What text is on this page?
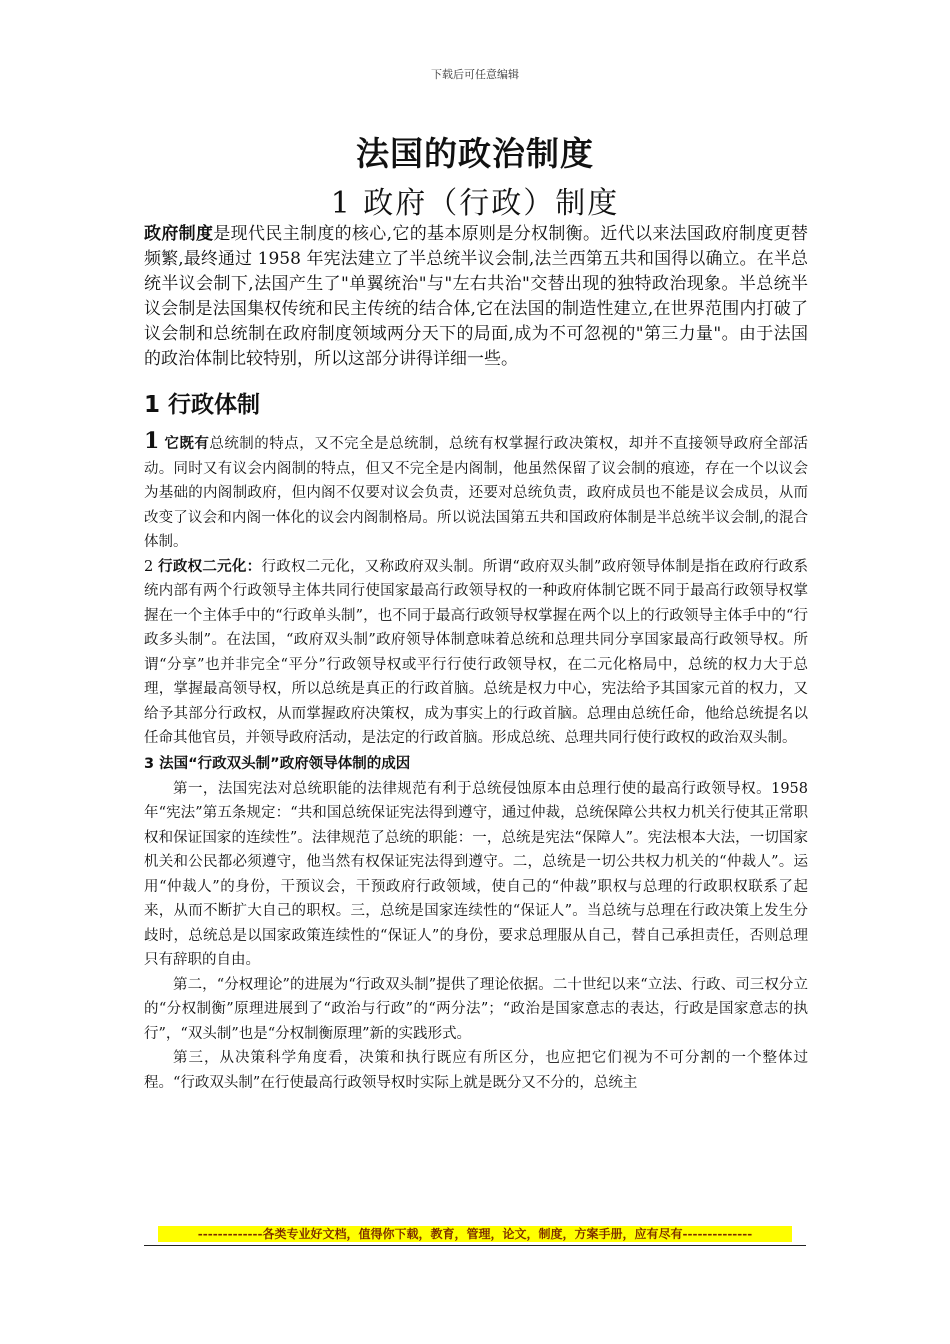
下载后可任意编辑
法国的政治制度
1 政府（行政）制度

政府制度是现代民主制度的核心,它的基本原则是分权制衡。近代以来法国政府制度更替频繁,最终通过 1958 年宪法建立了半总统半议会制,法兰西第五共和国得以确立。在半总统半议会制下,法国产生了"单翼统治"与"左右共治"交替出现的独特政治现象。半总统半议会制是法国集权传统和民主传统的结合体,它在法国的制造性建立,在世界范围内打破了议会制和总统制在政府制度领域两分天下的局面,成为不可忽视的"第三力量"。由于法国的政治体制比较特别，所以这部分讲得详细一些。

1 行政体制

1 它既有总统制的特点，又不完全是总统制，总统有权掌握行政决策权，却并不直接领导政府全部活动。同时又有议会内阁制的特点，但又不完全是内阁制，他虽然保留了议会制的痕迹，存在一个以议会为基础的内阁制政府，但内阁不仅要对议会负责，还要对总统负责，政府成员也不能是议会成员，从而改变了议会和内阁一体化的议会内阁制格局。所以说法国第五共和国政府体制是半总统半议会制,的混合体制。

2 行政权二元化：行政权二元化，又称政府双头制。所谓“政府双头制”政府领导体制是指在政府行政系统内部有两个行政领导主体共同行使国家最高行政领导权的一种政府体制它既不同于最高行政领导权掌握在一个主体手中的“行政单头制”，也不同于最高行政领导权掌握在两个以上的行政领导主体手中的“行政多头制”。在法国，“政府双头制”政府领导体制意味着总统和总理共同分享国家最高行政领导权。所谓“分享”也并非完全“平分”行政领导权或平行行使行政领导权，在二元化格局中，总统的权力大于总理，掌握最高领导权，所以总统是真正的行政首脑。总统是权力中心，宪法给予其国家元首的权力，又给予其部分行政权，从而掌握政府决策权，成为事实上的行政首脑。总理由总统任命，他给总统提名以任命其他官员，并领导政府活动，是法定的行政首脑。形成总统、总理共同行使行政权的政治双头制。

3 法国“行政双头制”政府领导体制的成因

第一，法国宪法对总统职能的法律规范有利于总统侵蚀原本由总理行使的最高行政领导权。1958 年“宪法”第五条规定：“共和国总统保证宪法得到遵守，通过仲裁，总统保障公共权力机关行使其正常职权和保证国家的连续性”。法律规范了总统的职能：一，总统是宪法“保障人”。宪法根本大法，一切国家机关和公民都必须遵守，他当然有权保证宪法得到遵守。二，总统是一切公共权力机关的“仲裁人”。运用“仲裁人”的身份，干预议会，干预政府行政领域，使自己的“仲裁”职权与总理的行政职权联系了起来，从而不断扩大自己的职权。三，总统是国家连续性的“保证人”。当总统与总理在行政决策上发生分歧时，总统总是以国家政策连续性的“保证人”的身份，要求总理服从自己，替自己承担责任，否则总理只有辞职的自由。

第二，“分权理论”的进展为“行政双头制”提供了理论依据。二十世纪以来“立法、行政、司三权分立的“分权制衡”原理进展到了“政治与行政”的“两分法”；“政治是国家意志的表达，行政是国家意志的执行”，“双头制”也是“分权制衡原理”新的实践形式。

第三，从决策科学角度看，决策和执行既应有所区分，也应把它们视为不可分割的一个整体过程。“行政双头制”在行使最高行政领导权时实际上就是既分又不分的，总统主

-------------各类专业好文档，值得你下载，教育，管理，论文，制度，方案手册，应有尽有--------------
